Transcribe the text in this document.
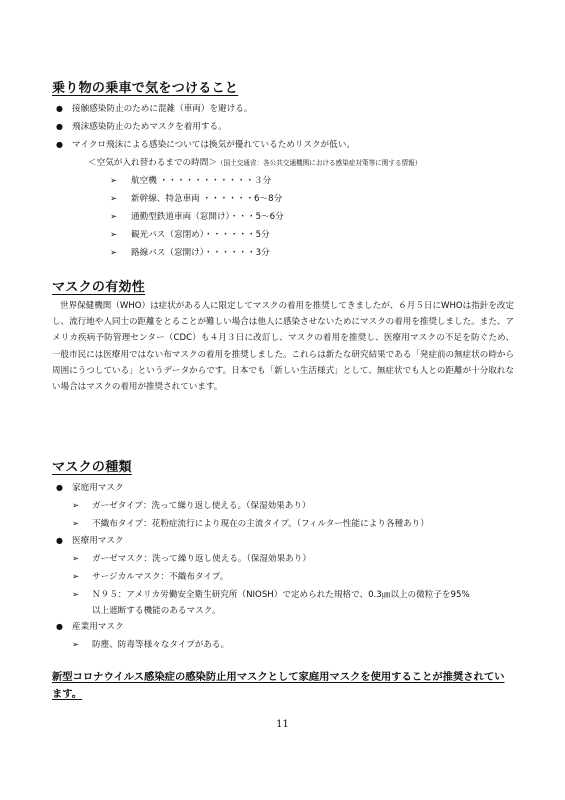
乗り物の乗車で気をつけること
● 接触感染防止のために混雑（車両）を避ける。

● 飛沫感染防止のためマスクを着用する。

● マイクロ飛沫による感染については換気が優れているためリスクが低い。

＜空気が入れ替わるまでの時間＞（国土交通省：各公共交通機関における感染症対策等に関する情報）

➢ 航空機 ・・・・・・・・・・・３分

➢ 新幹線、特急車両 ・・・・・・6～8分

➢ 通勤型鉄道車両（窓開け）・・・5～6分

➢ 観光バス（窓閉め）・・・・・・5分

➢ 路線バス（窓開け）・・・・・・3分

マスクの有効性

世界保健機関（WHO）は症状がある人に限定してマスクの着用を推奨してきましたが、６月５日にWHOは指針を改定し、流行地や人同士の距離をとることが難しい場合は他人に感染させないためにマスクの着用を推奨しました。また、アメリカ疾病予防管理センター（CDC）も４月３日に改訂し、マスクの着用を推奨し、医療用マスクの不足を防ぐため、一般市民には医療用ではない布マスクの着用を推奨しました。これらは新たな研究結果である「発症前の無症状の時から周囲にうつしている」というデータからです。日本でも「新しい生活様式」として、無症状でも人との距離が十分取れない場合はマスクの着用が推奨されています。

マスクの種類
● 家庭用マスク

➢ ガーゼタイプ：洗って繰り返し使える。（保湿効果あり）

➢ 不織布タイプ：花粉症流行により現在の主流タイプ。（フィルター性能により各種あり）

● 医療用マスク

➢ ガーゼマスク：洗って繰り返し使える。（保湿効果あり）

➢ サージカルマスク：不織布タイプ。

➢ Ｎ９５：アメリカ労働安全衛生研究所（NIOSH）で定められた規格で、0.3㎛以上の微粒子を95%

以上遮断する機能のあるマスク。

● 産業用マスク

➢ 防塵、防毒等様々なタイプがある。

新型コロナウイルス感染症の感染防止用マスクとして家庭用マスクを使用することが推奨されています。

11
